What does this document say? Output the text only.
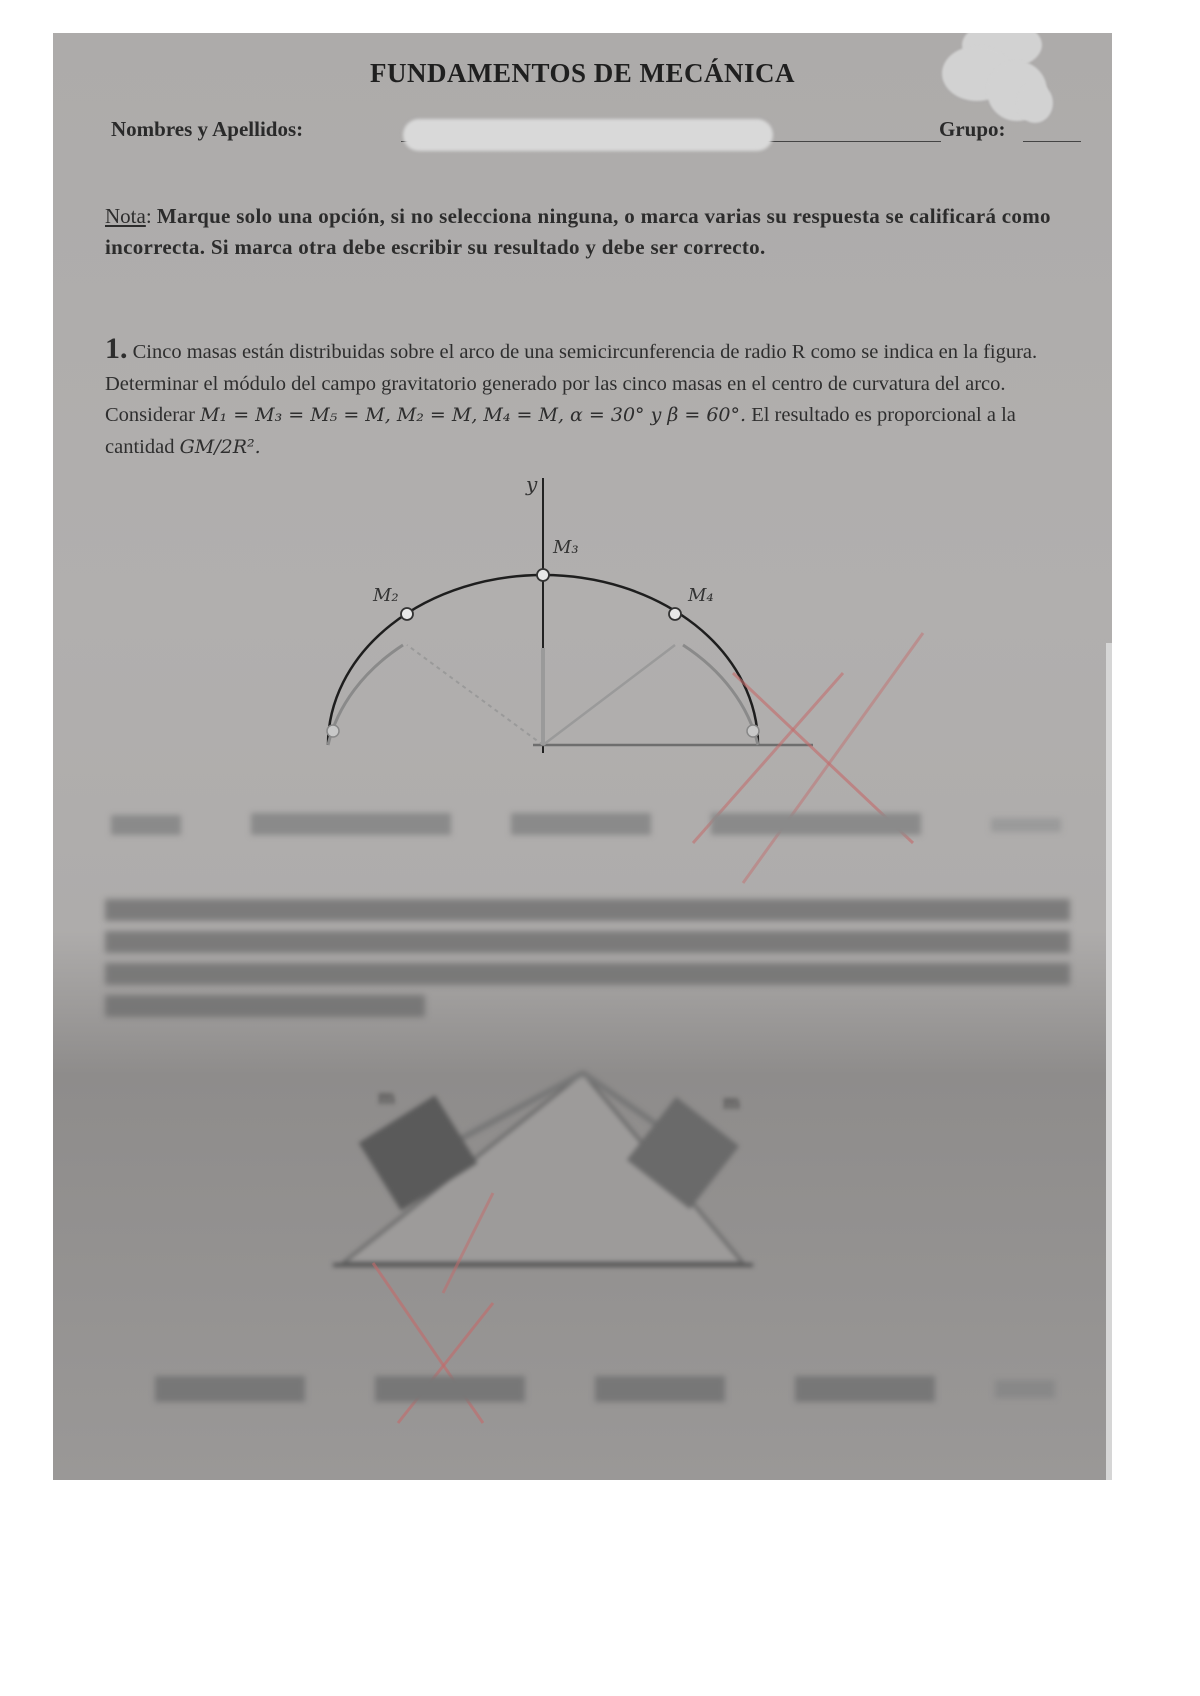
FUNDAMENTOS DE MECÁNICA
Nombres y Apellidos:	Grupo:
Nota: Marque solo una opción, si no selecciona ninguna, o marca varias su respuesta se calificará como incorrecta. Si marca otra debe escribir su resultado y debe ser correcto.
1. Cinco masas están distribuidas sobre el arco de una semicircunferencia de radio R como se indica en la figura. Determinar el módulo del campo gravitatorio generado por las cinco masas en el centro de curvatura del arco. Considerar M₁ = M₃ = M₅ = M, M₂ = M, M₄ = M, α = 30° y β = 60°. El resultado es proporcional a la cantidad GM/2R².
y
M₃
M₂	M₄
m	m
